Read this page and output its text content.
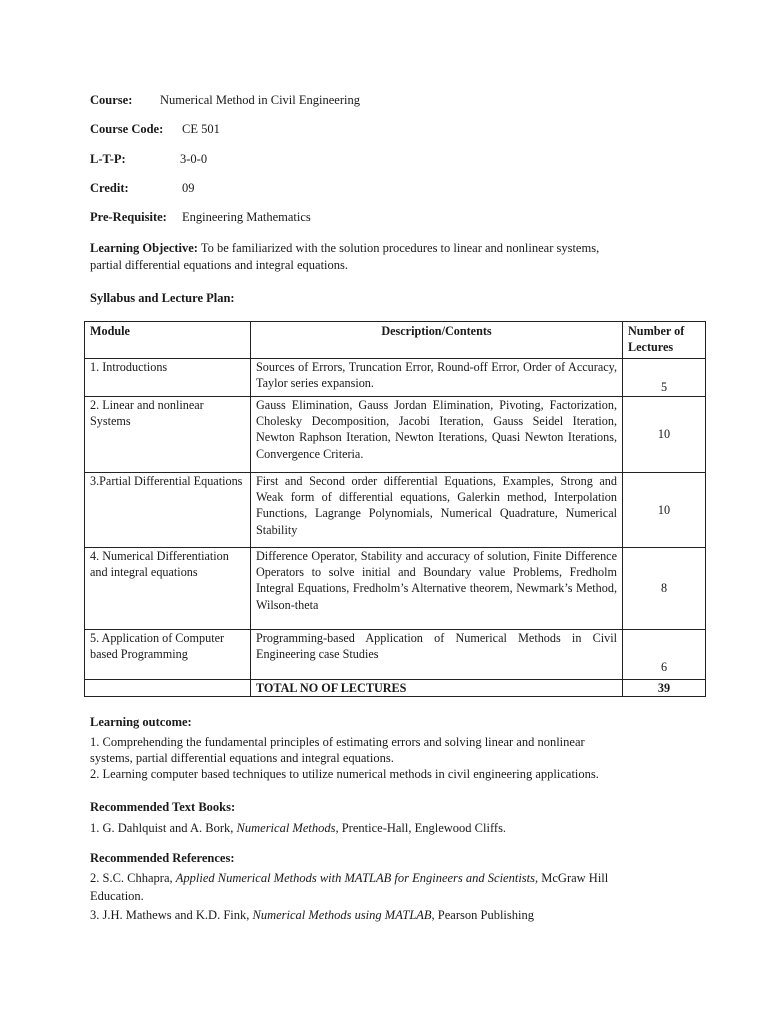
Course: Numerical Method in Civil Engineering
Course Code: CE 501
L-T-P:	3-0-0
Credit:	09
Pre-Requisite: Engineering Mathematics
Learning Objective: To be familiarized with the solution procedures to linear and nonlinear systems,
partial differential equations and integral equations.
Syllabus and Lecture Plan:
Module	Description/Contents	Number of Lectures
1. Introductions	Sources of Errors, Truncation Error, Round-off Error, Order of Accuracy, Taylor series expansion.	5
2. Linear and nonlinear Systems	Gauss Elimination, Gauss Jordan Elimination, Pivoting, Factorization, Cholesky Decomposition, Jacobi Iteration, Gauss Seidel Iteration, Newton Raphson Iteration, Newton Iterations, Quasi Newton Iterations, Convergence Criteria.	10
3.Partial Differential Equations	First and Second order differential Equations, Examples, Strong and Weak form of differential equations, Galerkin method, Interpolation Functions, Lagrange Polynomials, Numerical Quadrature, Numerical Stability	10
4. Numerical Differentiation and integral equations	Difference Operator, Stability and accuracy of solution, Finite Difference Operators to solve initial and Boundary value Problems, Fredholm Integral Equations, Fredholm’s Alternative theorem, Newmark’s Method, Wilson-theta	8
5. Application of Computer based Programming	Programming-based Application of Numerical Methods in Civil Engineering case Studies	6
	TOTAL NO OF LECTURES	39
Learning outcome:
1. Comprehending the fundamental principles of estimating errors and solving linear and nonlinear
systems, partial differential equations and integral equations.
2. Learning computer based techniques to utilize numerical methods in civil engineering applications.
Recommended Text Books:
1. G. Dahlquist and A. Bork, Numerical Methods, Prentice-Hall, Englewood Cliffs.
Recommended References:
2. S.C. Chhapra, Applied Numerical Methods with MATLAB for Engineers and Scientists, McGraw Hill
Education.
3. J.H. Mathews and K.D. Fink, Numerical Methods using MATLAB, Pearson Publishing
